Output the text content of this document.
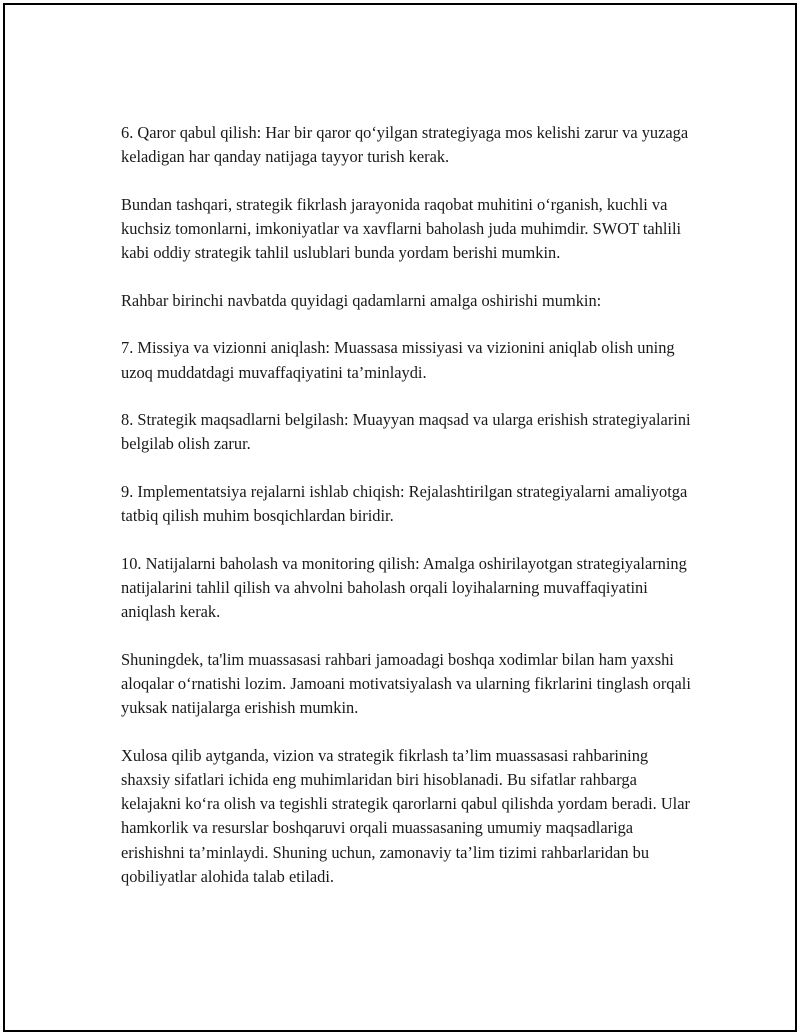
6. Qaror qabul qilish: Har bir qaror qo‘yilgan strategiyaga mos kelishi zarur va yuzaga keladigan har qanday natijaga tayyor turish kerak.

Bundan tashqari, strategik fikrlash jarayonida raqobat muhitini o‘rganish, kuchli va kuchsiz tomonlarni, imkoniyatlar va xavflarni baholash juda muhimdir. SWOT tahlili kabi oddiy strategik tahlil uslublari bunda yordam berishi mumkin.

Rahbar birinchi navbatda quyidagi qadamlarni amalga oshirishi mumkin:

7. Missiya va vizionni aniqlash: Muassasa missiyasi va vizionini aniqlab olish uning uzoq muddatdagi muvaffaqiyatini ta’minlaydi.

8. Strategik maqsadlarni belgilash: Muayyan maqsad va ularga erishish strategiyalarini belgilab olish zarur.

9. Implementatsiya rejalarni ishlab chiqish: Rejalashtirilgan strategiyalarni amaliyotga tatbiq qilish muhim bosqichlardan biridir.

10. Natijalarni baholash va monitoring qilish: Amalga oshirilayotgan strategiyalarning natijalarini tahlil qilish va ahvolni baholash orqali loyihalarning muvaffaqiyatini aniqlash kerak.

Shuningdek, ta'lim muassasasi rahbari jamoadagi boshqa xodimlar bilan ham yaxshi aloqalar o‘rnatishi lozim. Jamoani motivatsiyalash va ularning fikrlarini tinglash orqali yuksak natijalarga erishish mumkin.

Xulosa qilib aytganda, vizion va strategik fikrlash ta’lim muassasasi rahbarining shaxsiy sifatlari ichida eng muhimlaridan biri hisoblanadi. Bu sifatlar rahbarga kelajakni ko‘ra olish va tegishli strategik qarorlarni qabul qilishda yordam beradi. Ular hamkorlik va resurslar boshqaruvi orqali muassasaning umumiy maqsadlariga erishishni ta’minlaydi. Shuning uchun, zamonaviy ta’lim tizimi rahbarlaridan bu qobiliyatlar alohida talab etiladi.
